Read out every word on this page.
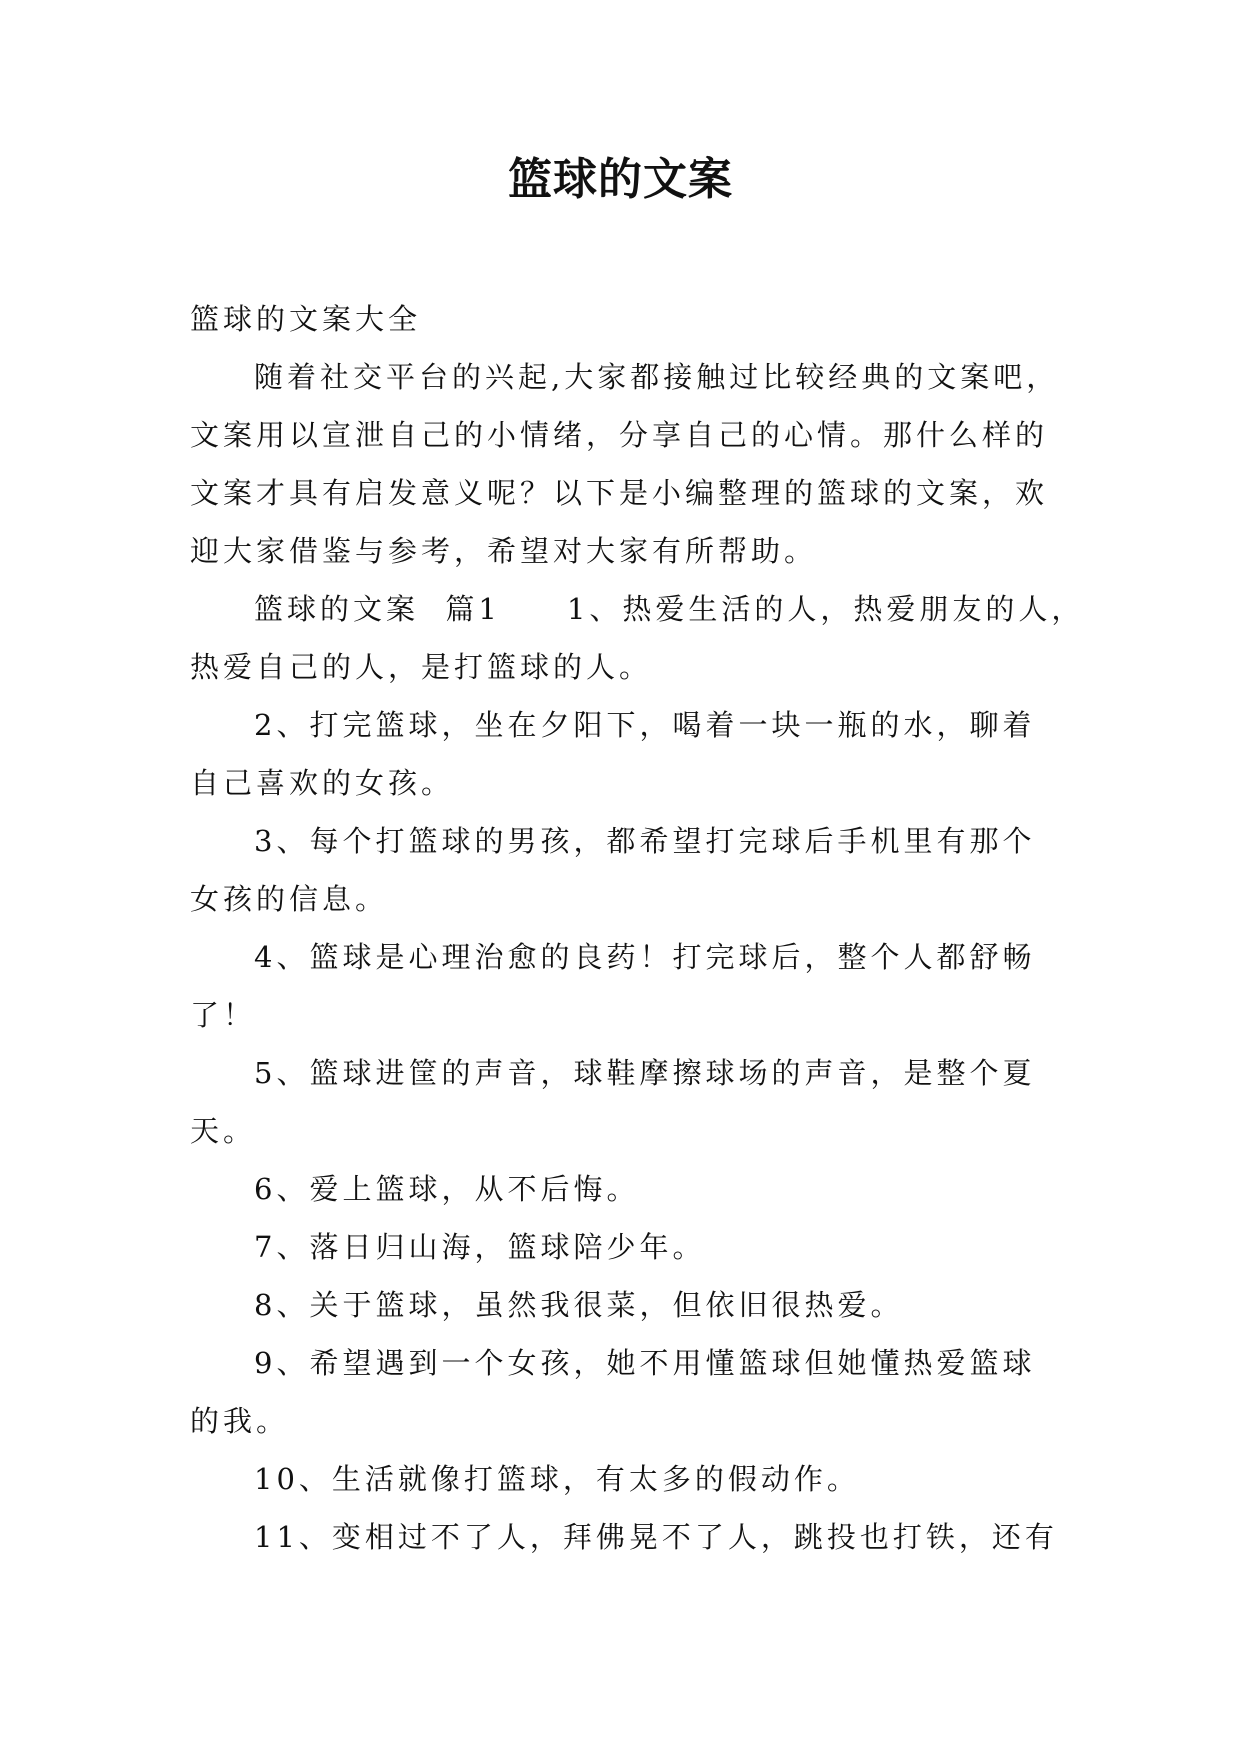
篮球的文案

篮球的文案大全

随着社交平台的兴起,大家都接触过比较经典的文案吧，

文案用以宣泄自己的小情绪，分享自己的心情。那什么样的

文案才具有启发意义呢？以下是小编整理的篮球的文案，欢

迎大家借鉴与参考，希望对大家有所帮助。

篮球的文案  篇1     1、热爱生活的人，热爱朋友的人，

热爱自己的人，是打篮球的人。

2、打完篮球，坐在夕阳下，喝着一块一瓶的水，聊着

自己喜欢的女孩。

3、每个打篮球的男孩，都希望打完球后手机里有那个

女孩的信息。

4、篮球是心理治愈的良药！打完球后，整个人都舒畅

了！

5、篮球进筐的声音，球鞋摩擦球场的声音，是整个夏

天。

6、爱上篮球，从不后悔。

7、落日归山海，篮球陪少年。

8、关于篮球，虽然我很菜，但依旧很热爱。

9、希望遇到一个女孩，她不用懂篮球但她懂热爱篮球

的我。

10、生活就像打篮球，有太多的假动作。

11、变相过不了人，拜佛晃不了人，跳投也打铁，还有
